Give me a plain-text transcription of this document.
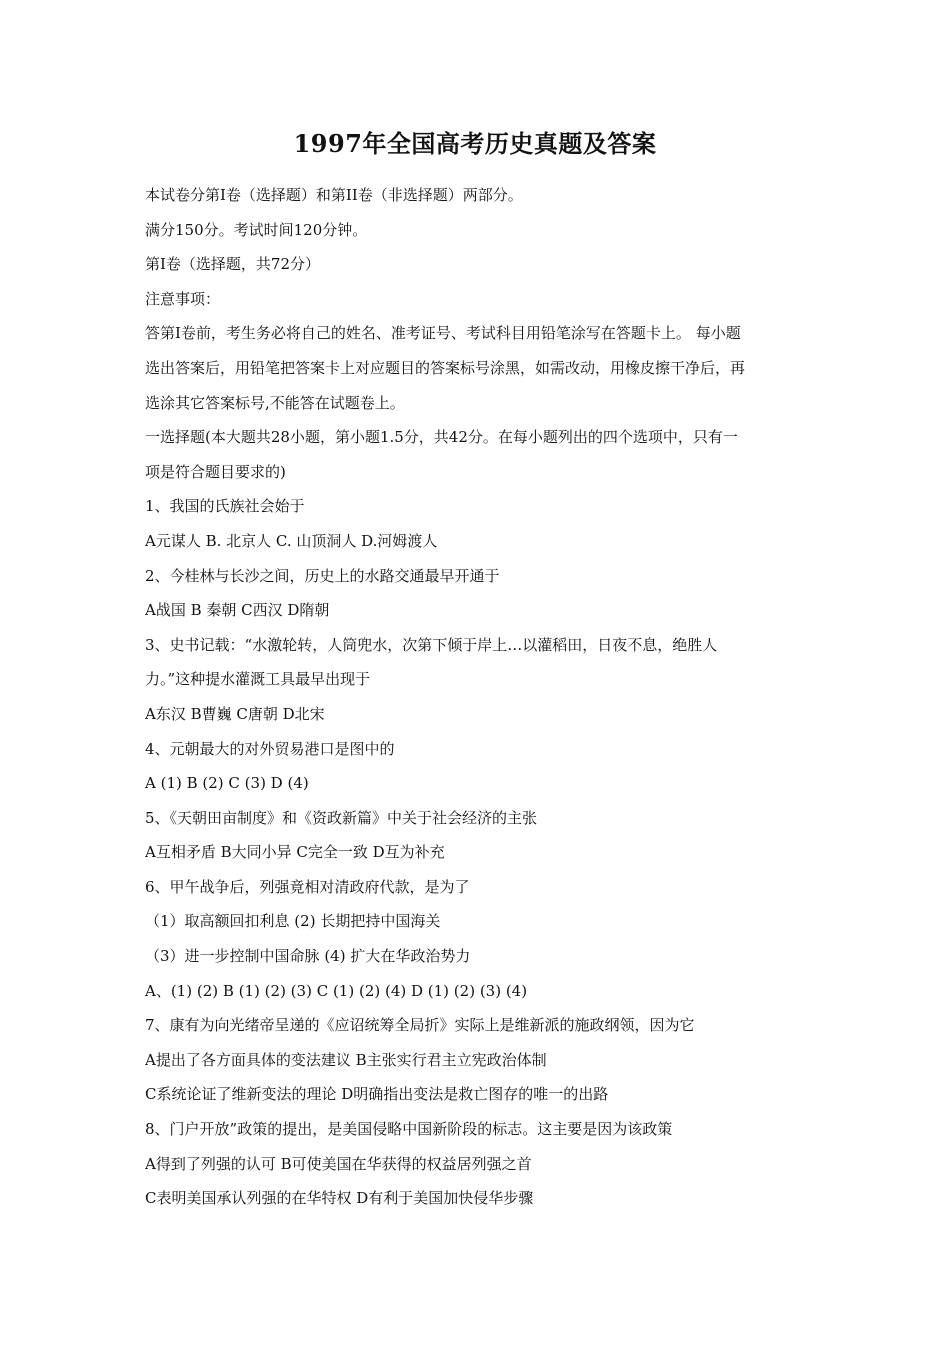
1997年全国高考历史真题及答案
本试卷分第Ⅰ卷（选择题）和第II卷（非选择题）两部分。
满分150分。考试时间120分钟。
第Ⅰ卷（选择题，共72分）
注意事项：
答第Ⅰ卷前，考生务必将自己的姓名、准考证号、考试科目用铅笔涂写在答题卡上。 每小题
选出答案后，用铅笔把答案卡上对应题目的答案标号涂黑，如需改动，用橡皮擦干净后，再
选涂其它答案标号,不能答在试题卷上。
一选择题(本大题共28小题，第小题1.5分，共42分。在每小题列出的四个选项中，只有一
项是符合题目要求的)
1、我国的氏族社会始于
A元谋人 B. 北京人 C. 山顶洞人 D.河姆渡人
2、今桂林与长沙之间，历史上的水路交通最早开通于
A战国 B 秦朝 C西汉 D隋朝
3、史书记载：“水激轮转，人筒兜水，次第下倾于岸上…以灌稻田，日夜不息，绝胜人
力。”这种提水灌溉工具最早出现于
A东汉 B曹巍 C唐朝 D北宋
4、元朝最大的对外贸易港口是图中的
A (1) B (2) C (3) D (4)
5、《天朝田亩制度》和《资政新篇》中关于社会经济的主张
A互相矛盾 B大同小异 C完全一致 D互为补充
6、甲午战争后，列强竟相对清政府代款，是为了
（1）取高额回扣利息 (2) 长期把持中国海关
（3）进一步控制中国命脉 (4) 扩大在华政治势力
A、(1) (2) B (1) (2) (3) C (1) (2) (4) D (1) (2) (3) (4)
7、康有为向光绪帝呈递的《应诏统筹全局折》实际上是维新派的施政纲领，因为它
A提出了各方面具体的变法建议 B主张实行君主立宪政治体制
C系统论证了维新变法的理论 D明确指出变法是救亡图存的唯一的出路
8、门户开放”政策的提出，是美国侵略中国新阶段的标志。这主要是因为该政策
A得到了列强的认可 B可使美国在华获得的权益居列强之首
C表明美国承认列强的在华特权 D有利于美国加快侵华步骤
